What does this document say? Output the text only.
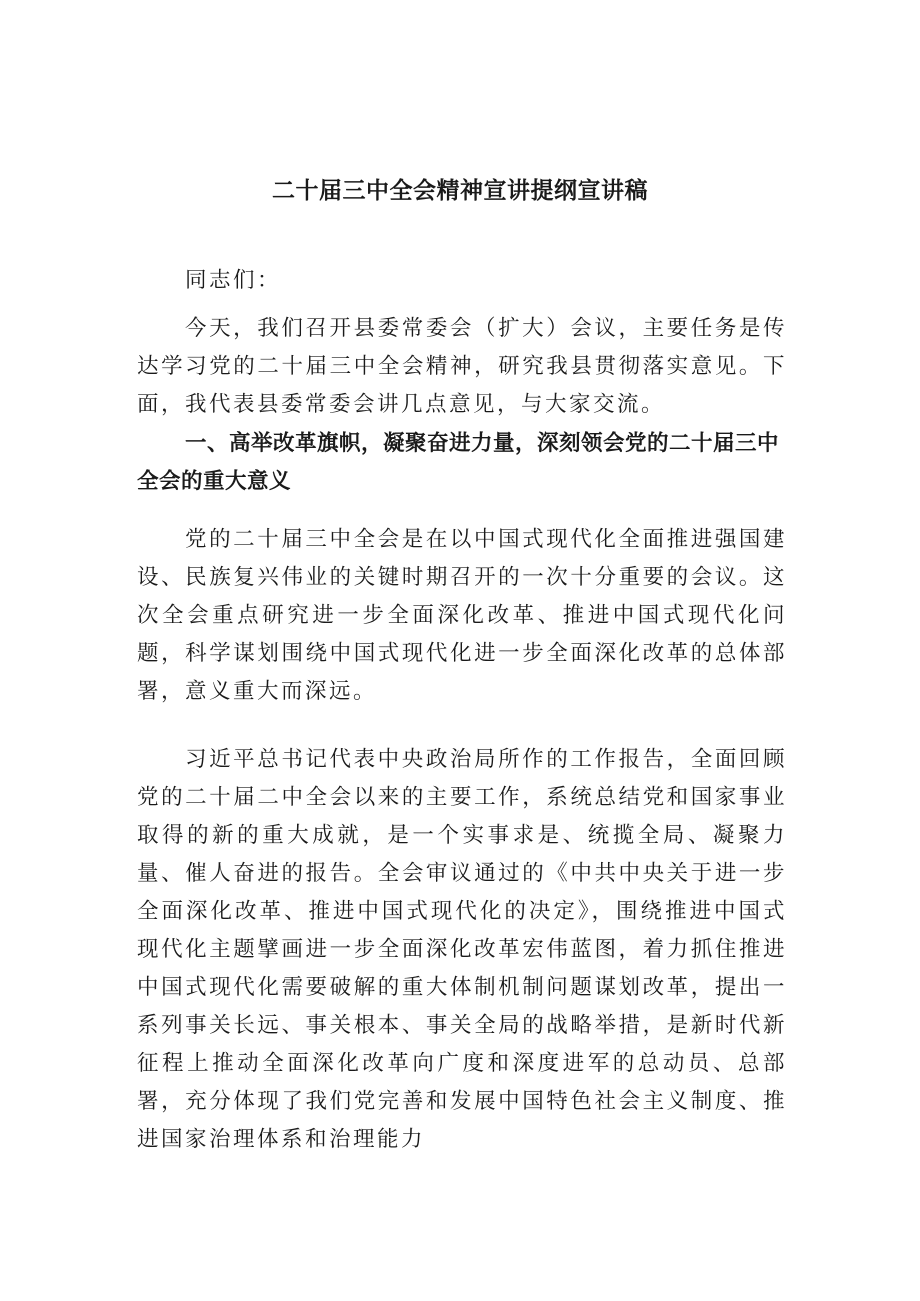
二十届三中全会精神宣讲提纲宣讲稿

同志们：

今天，我们召开县委常委会（扩大）会议，主要任务是传达学习党的二十届三中全会精神，研究我县贯彻落实意见。下面，我代表县委常委会讲几点意见，与大家交流。

一、高举改革旗帜，凝聚奋进力量，深刻领会党的二十届三中全会的重大意义

党的二十届三中全会是在以中国式现代化全面推进强国建设、民族复兴伟业的关键时期召开的一次十分重要的会议。这次全会重点研究进一步全面深化改革、推进中国式现代化问题，科学谋划围绕中国式现代化进一步全面深化改革的总体部署，意义重大而深远。

习近平总书记代表中央政治局所作的工作报告，全面回顾党的二十届二中全会以来的主要工作，系统总结党和国家事业取得的新的重大成就，是一个实事求是、统揽全局、凝聚力量、催人奋进的报告。全会审议通过的《中共中央关于进一步全面深化改革、推进中国式现代化的决定》，围绕推进中国式现代化主题擘画进一步全面深化改革宏伟蓝图，着力抓住推进中国式现代化需要破解的重大体制机制问题谋划改革，提出一系列事关长远、事关根本、事关全局的战略举措，是新时代新征程上推动全面深化改革向广度和深度进军的总动员、总部署，充分体现了我们党完善和发展中国特色社会主义制度、推进国家治理体系和治理能力
